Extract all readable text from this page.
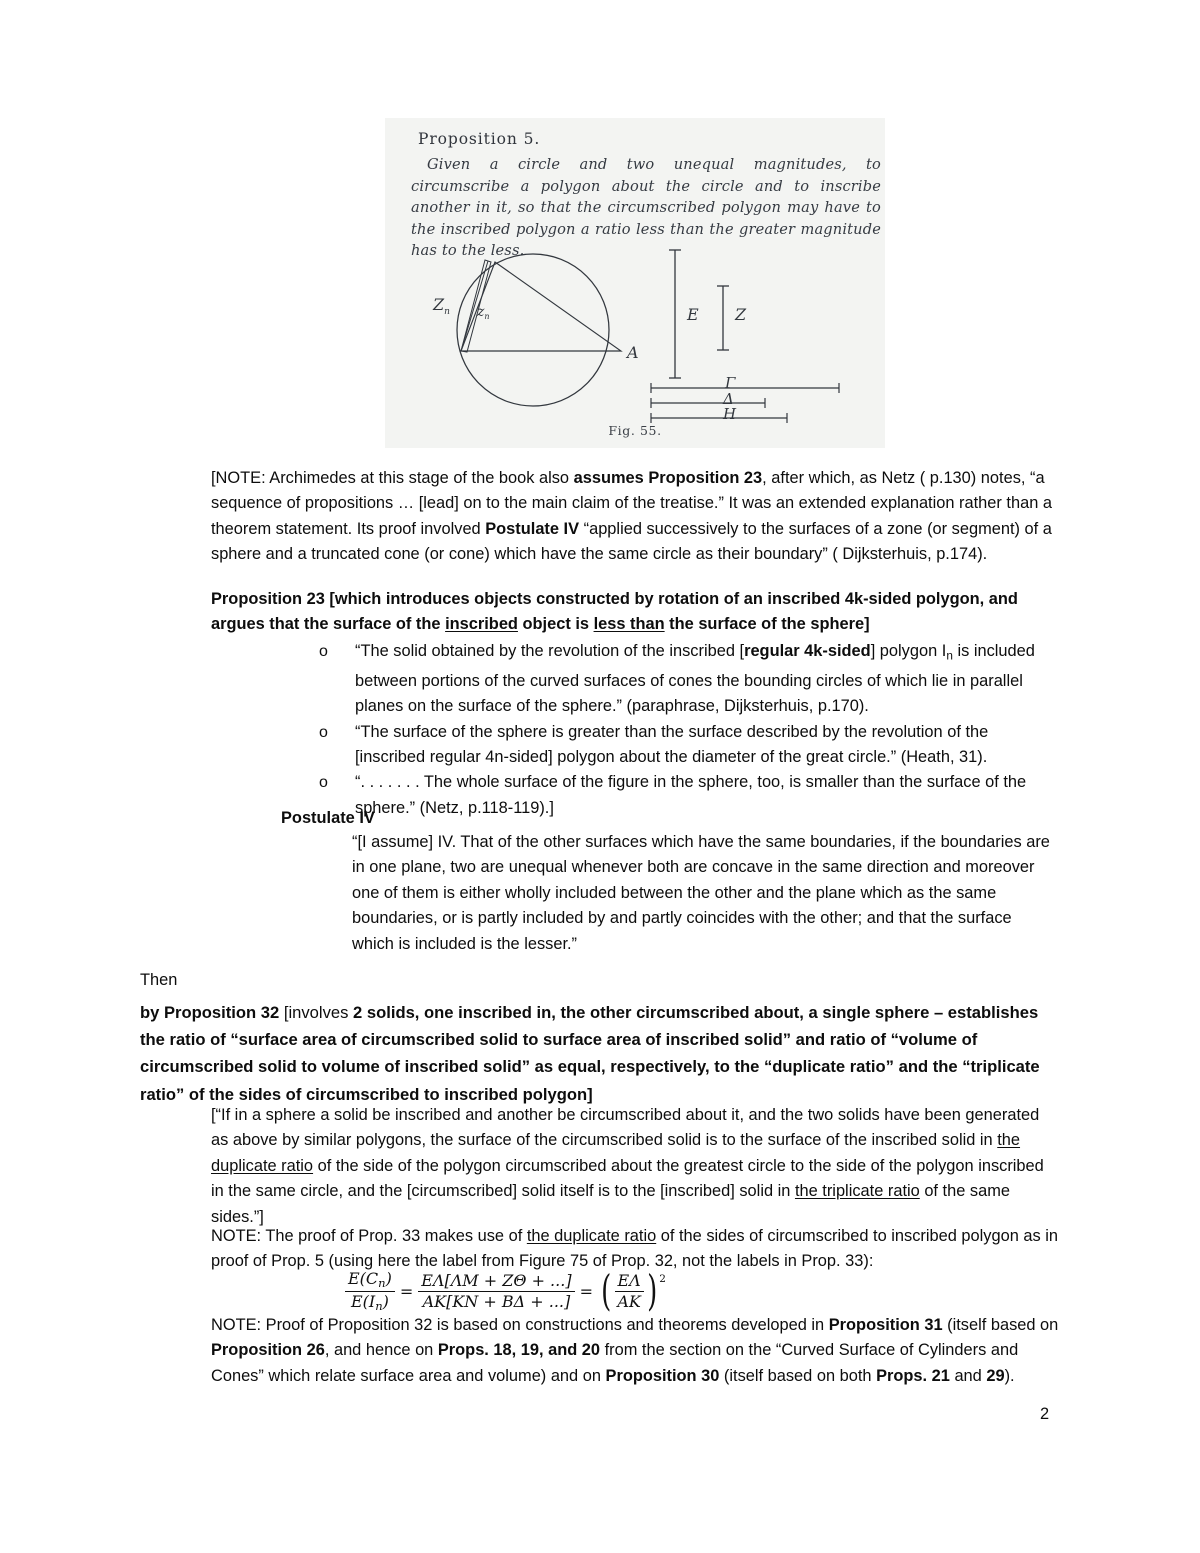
Proposition 5.
Given a circle and two unequal magnitudes, to circumscribe a polygon about the circle and to inscribe another in it, so that the circumscribed polygon may have to the inscribed polygon a ratio less than the greater magnitude has to the less.
$Z_n$ $z_n$
A
E Z
Γ
Δ
H
Fig. 55.

[NOTE: Archimedes at this stage of the book also assumes Proposition 23, after which, as Netz ( p.130) notes, “a sequence of propositions … [lead] on to the main claim of the treatise.” It was an extended explanation rather than a theorem statement. Its proof involved Postulate IV “applied successively to the surfaces of a zone (or segment) of a sphere and a truncated cone (or cone) which have the same circle as their boundary” ( Dijksterhuis, p.174).

Proposition 23 [which introduces objects constructed by rotation of an inscribed 4k-sided polygon, and argues that the surface of the inscribed object is less than the surface of the sphere]

o “The solid obtained by the revolution of the inscribed [regular 4k-sided] polygon $I_n$ is included between portions of the curved surfaces of cones the bounding circles of which lie in parallel planes on the surface of the sphere.” (paraphrase, Dijksterhuis, p.170).

o “The surface of the sphere is greater than the surface described by the revolution of the [inscribed regular 4n-sided] polygon about the diameter of the great circle.” (Heath, 31).

o “. . . . . . . The whole surface of the figure in the sphere, too, is smaller than the surface of the sphere.” (Netz, p.118-119).]

Postulate IV

“[I assume] IV. That of the other surfaces which have the same boundaries, if the boundaries are in one plane, two are unequal whenever both are concave in the same direction and moreover one of them is either wholly included between the other and the plane which as the same boundaries, or is partly included by and partly coincides with the other; and that the surface which is included is the lesser.”

Then

by Proposition 32 [involves 2 solids, one inscribed in, the other circumscribed about, a single sphere – establishes the ratio of “surface area of circumscribed solid to surface area of inscribed solid” and ratio of “volume of circumscribed solid to volume of inscribed solid” as equal, respectively, to the “duplicate ratio” and the “triplicate ratio” of the sides of circumscribed to inscribed polygon]

[“If in a sphere a solid be inscribed and another be circumscribed about it, and the two solids have been generated as above by similar polygons, the surface of the circumscribed solid is to the surface of the inscribed solid in the duplicate ratio of the side of the polygon circumscribed about the greatest circle to the side of the polygon inscribed in the same circle, and the [circumscribed] solid itself is to the [inscribed] solid in the triplicate ratio of the same sides.”]

NOTE: The proof of Prop. 33 makes use of the duplicate ratio of the sides of circumscribed to inscribed polygon as in proof of Prop. 5 (using here the label from Figure 75 of Prop. 32, not the labels in Prop. 33):

$\frac{E(C_n)}{E(I_n)} = \frac{E\Lambda[\Lambda M + Z\Theta + ...]}{AK[KN + B\Delta + ...]}$ = ( $\frac{E\Lambda}{AK}$ ) 2

NOTE: Proof of Proposition 32 is based on constructions and theorems developed in Proposition 31 (itself based on Proposition 26, and hence on Props. 18, 19, and 20 from the section on the “Curved Surface of Cylinders and Cones” which relate surface area and volume) and on Proposition 30 (itself based on both Props. 21 and 29).

2
